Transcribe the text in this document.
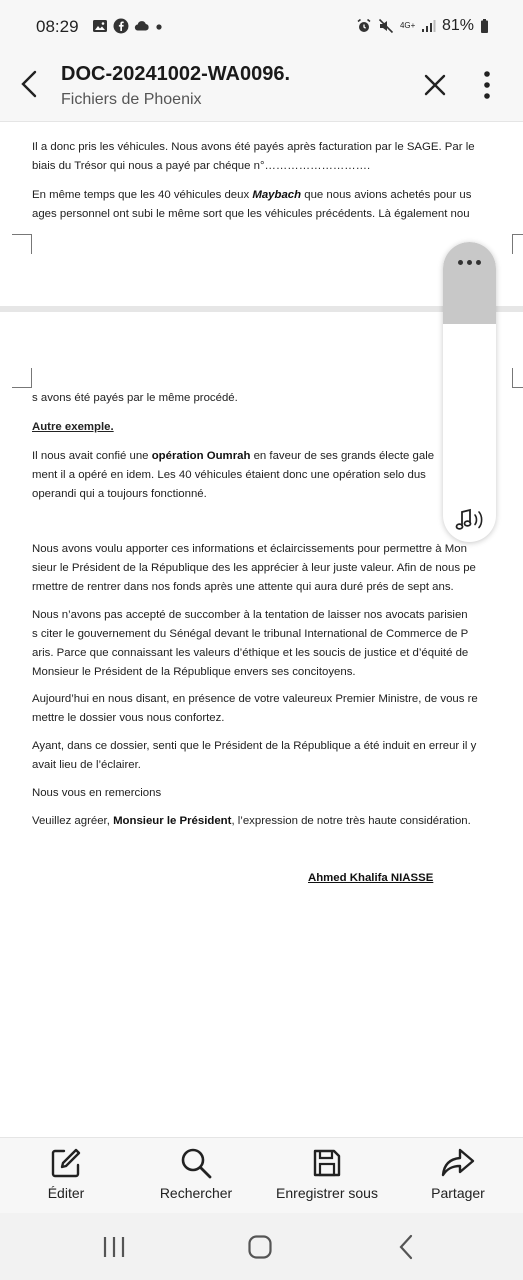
08:29	4G+ 81%
DOC-20241002-WA0096.
Fichiers de Phoenix
Il a donc pris les véhicules. Nous avons été payés après facturation par le SAGE. Par le
biais du Trésor qui nous a payé par chéque n°……………………….
En même temps que les 40 véhicules deux Maybach que nous avions achetés pour us
ages personnel ont subi le même sort que les véhicules précédents. Là également nou
s avons été payés par le même procédé.
Autre exemple.
Il nous avait confié une opération Oumrah en faveur de ses grands électe gale
ment il a opéré en idem. Les 40 véhicules étaient donc une opération selo dus
operandi qui a toujours fonctionné.
Nous avons voulu apporter ces informations et éclaircissements pour permettre à Mon
sieur le Président de la République des les apprécier à leur juste valeur. Afin de nous pe
rmettre de rentrer dans nos fonds après une attente qui aura duré prés de sept ans.
Nous n’avons pas accepté de succomber à la tentation de laisser nos avocats parisien
s citer le gouvernement du Sénégal devant le tribunal International de Commerce de P
aris. Parce que connaissant les valeurs d’éthique et les soucis de justice et d’équité de
Monsieur le Président de la République envers ses concitoyens.
Aujourd’hui en nous disant, en présence de votre valeureux Premier Ministre, de vous re
mettre le dossier vous nous confortez.
Ayant, dans ce dossier, senti que le Président de la République a été induit en erreur il y
avait lieu de l’éclairer.
Nous vous en remercions
Veuillez agréer, Monsieur le Président, l’expression de notre très haute considération.
Ahmed Khalifa NIASSE
Éditer	Rechercher	Enregistrer sous	Partager
